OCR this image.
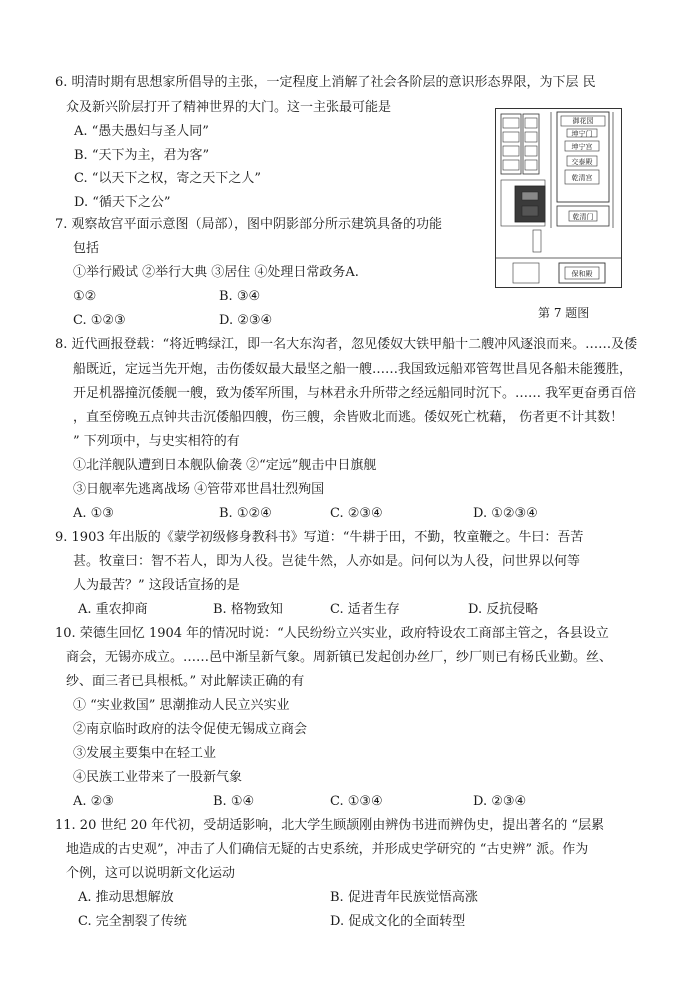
6. 明清时期有思想家所倡导的主张，一定程度上消解了社会各阶层的意识形态界限，为下层 民
众及新兴阶层打开了精神世界的大门。这一主张最可能是
A. “愚夫愚妇与圣人同”
B. “天下为主，君为客”
C. “以天下之权，寄之天下之人”
D. “循天下之公”
7. 观察故宫平面示意图（局部），图中阴影部分所示建筑具备的功能
包括
①举行殿试 ②举行大典 ③居住 ④处理日常政务A.
①②	B. ③④
C. ①②③	D. ②③④
御花园
坤宁门
坤宁宫
交泰殿
乾清宫
乾清门
保和殿
第 7 题图
8. 近代画报登载：“将近鸭绿江，即一名大东沟者，忽见倭奴大铁甲船十二艘冲风逐浪而来。……及倭
船既近，定远当先开炮，击伤倭奴最大最坚之船一艘……我国致远船邓管驾世昌见各船未能獲胜，
开足机器撞沉倭舰一艘，致为倭军所围，与林君永升所带之经远船同时沉下。…… 我军更奋勇百倍
，直至傍晚五点钟共击沉倭船四艘，伤三艘，余皆败北而逃。倭奴死亡枕藉， 伤者更不计其数！
” 下列项中，与史实相符的有
①北洋舰队遭到日本舰队偷袭 ②“定远”舰击中日旗舰
③日舰率先逃离战场 ④管带邓世昌壮烈殉国
A. ①③	B. ①②④	C. ②③④	D. ①②③④
9. 1903 年出版的《蒙学初级修身教科书》写道：“牛耕于田，不勤，牧童鞭之。牛曰：吾苦
甚。牧童曰：智不若人，即为人役。岂徒牛然，人亦如是。问何以为人役，问世界以何等
人为最苦？” 这段话宣扬的是
A. 重农抑商	B. 格物致知	C. 适者生存	D. 反抗侵略
10. 荣德生回忆 1904 年的情况时说：“人民纷纷立兴实业，政府特设农工商部主管之，各县设立
商会，无锡亦成立。……邑中渐呈新气象。周新镇已发起创办丝厂，纱厂则已有杨氏业勤。丝、
纱、面三者已具根柢。” 对此解读正确的有
① “实业救国” 思潮推动人民立兴实业
②南京临时政府的法令促使无锡成立商会
③发展主要集中在轻工业
④民族工业带来了一股新气象
A. ②③	B. ①④	C. ①③④	D. ②③④
11. 20 世纪 20 年代初，受胡适影响，北大学生顾颉刚由辨伪书进而辨伪史，提出著名的 “层累
地造成的古史观”，冲击了人们确信无疑的古史系统，并形成史学研究的 “古史辨” 派。作为
个例，这可以说明新文化运动
A. 推动思想解放	B. 促进青年民族觉悟高涨
C. 完全割裂了传统	D. 促成文化的全面转型
